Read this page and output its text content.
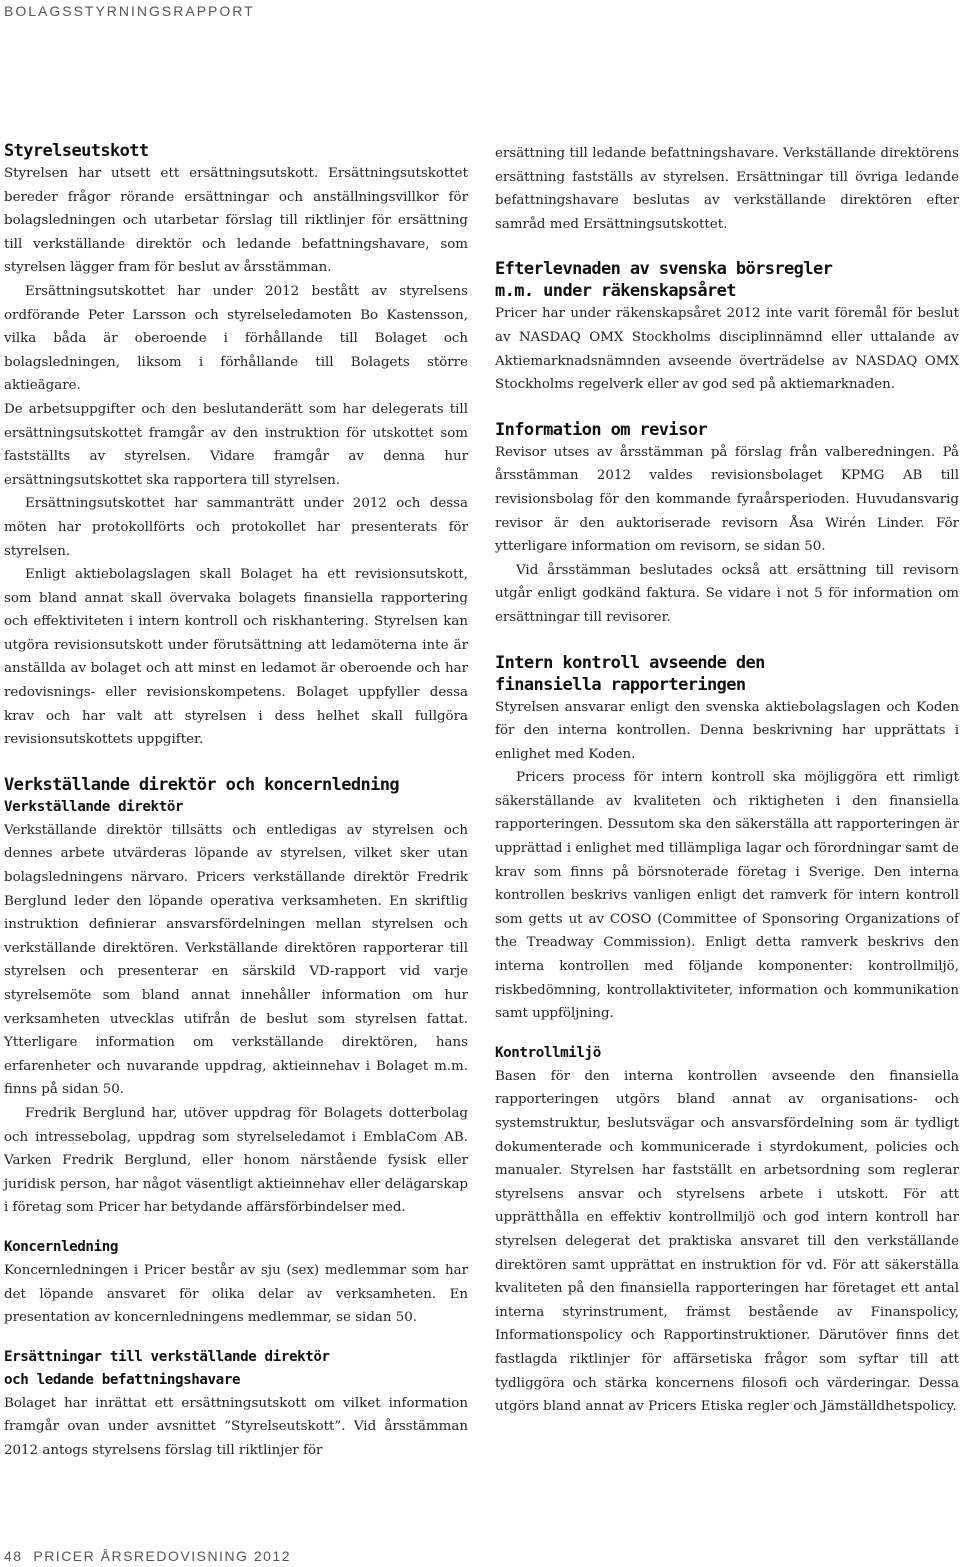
BOLAGSSTYRNINGSRAPPORT
Styrelseutskott

Styrelsen har utsett ett ersättningsutskott. Ersättningsutskottet bereder frågor rörande ersättningar och anställningsvillkor för bolagsledningen och utarbetar förslag till riktlinjer för ersättning till verkställande direktör och ledande befattningshavare, som styrelsen lägger fram för beslut av årsstämman.

Ersättningsutskottet har under 2012 bestått av styrelsens ordförande Peter Larsson och styrelseledamoten Bo Kastensson, vilka båda är oberoende i förhållande till Bolaget och bolagsledningen, liksom i förhållande till Bolagets större aktieägare.

De arbetsuppgifter och den beslutanderätt som har delegerats till ersättningsutskottet framgår av den instruktion för utskottet som fastställts av styrelsen. Vidare framgår av denna hur ersättningsutskottet ska rapportera till styrelsen.

Ersättningsutskottet har sammanträtt under 2012 och dessa möten har protokollförts och protokollet har presenterats för styrelsen.

Enligt aktiebolagslagen skall Bolaget ha ett revisionsutskott, som bland annat skall övervaka bolagets finansiella rapportering och effektiviteten i intern kontroll och riskhantering. Styrelsen kan utgöra revisionsutskott under förutsättning att ledamöterna inte är anställda av bolaget och att minst en ledamot är oberoende och har redovisnings- eller revisionskompetens. Bolaget uppfyller dessa krav och har valt att styrelsen i dess helhet skall fullgöra revisionsutskottets uppgifter.

Verkställande direktör och koncernledning
Verkställande direktör

Verkställande direktör tillsätts och entledigas av styrelsen och dennes arbete utvärderas löpande av styrelsen, vilket sker utan bolagsledningens närvaro. Pricers verkställande direktör Fredrik Berglund leder den löpande operativa verksamheten. En skriftlig instruktion definierar ansvarsfördelningen mellan styrelsen och verkställande direktören. Verkställande direktören rapporterar till styrelsen och presenterar en särskild VD-rapport vid varje styrelsemöte som bland annat innehåller information om hur verksamheten utvecklas utifrån de beslut som styrelsen fattat. Ytterligare information om verkställande direktören, hans erfarenheter och nuvarande uppdrag, aktieinnehav i Bolaget m.m. finns på sidan 50.

Fredrik Berglund har, utöver uppdrag för Bolagets dotterbolag och intressebolag, uppdrag som styrelseledamot i EmblaCom AB. Varken Fredrik Berglund, eller honom närstående fysisk eller juridisk person, har något väsentligt aktieinnehav eller delägarskap i företag som Pricer har betydande affärsförbindelser med.

Koncernledning

Koncernledningen i Pricer består av sju (sex) medlemmar som har det löpande ansvaret för olika delar av verksamheten. En presentation av koncernledningens medlemmar, se sidan 50.

Ersättningar till verkställande direktör
och ledande befattningshavare

Bolaget har inrättat ett ersättningsutskott om vilket information framgår ovan under avsnittet ”Styrelseutskott”. Vid årsstämman 2012 antogs styrelsens förslag till riktlinjer för

ersättning till ledande befattningshavare. Verkställande direktörens ersättning fastställs av styrelsen. Ersättningar till övriga ledande befattningshavare beslutas av verkställande direktören efter samråd med Ersättningsutskottet.

Efterlevnaden av svenska börsregler
m.m. under räkenskapsåret

Pricer har under räkenskapsåret 2012 inte varit föremål för beslut av NASDAQ OMX Stockholms disciplinnämnd eller uttalande av Aktiemarknadsnämnden avseende överträdelse av NASDAQ OMX Stockholms regelverk eller av god sed på aktiemarknaden.

Information om revisor

Revisor utses av årsstämman på förslag från valberedningen. På årsstämman 2012 valdes revisionsbolaget KPMG AB till revisionsbolag för den kommande fyraårsperioden. Huvudansvarig revisor är den auktoriserade revisorn Åsa Wirén Linder. För ytterligare information om revisorn, se sidan 50.

Vid årsstämman beslutades också att ersättning till revisorn utgår enligt godkänd faktura. Se vidare i not 5 för information om ersättningar till revisorer.

Intern kontroll avseende den
finansiella rapporteringen

Styrelsen ansvarar enligt den svenska aktiebolagslagen och Koden för den interna kontrollen. Denna beskrivning har upprättats i enlighet med Koden.

Pricers process för intern kontroll ska möjliggöra ett rimligt säkerställande av kvaliteten och riktigheten i den finansiella rapporteringen. Dessutom ska den säkerställa att rapporteringen är upprättad i enlighet med tillämpliga lagar och förordningar samt de krav som finns på börsnoterade företag i Sverige. Den interna kontrollen beskrivs vanligen enligt det ramverk för intern kontroll som getts ut av COSO (Committee of Sponsoring Organizations of the Treadway Commission). Enligt detta ramverk beskrivs den interna kontrollen med följande komponenter: kontrollmiljö, riskbedömning, kontrollaktiviteter, information och kommunikation samt uppföljning.

Kontrollmiljö

Basen för den interna kontrollen avseende den finansiella rapporteringen utgörs bland annat av organisations- och systemstruktur, beslutsvägar och ansvarsfördelning som är tydligt dokumenterade och kommunicerade i styrdokument, policies och manualer. Styrelsen har fastställt en arbetsordning som reglerar styrelsens ansvar och styrelsens arbete i utskott. För att upprätthålla en effektiv kontrollmiljö och god intern kontroll har styrelsen delegerat det praktiska ansvaret till den verkställande direktören samt upprättat en instruktion för vd. För att säkerställa kvaliteten på den finansiella rapporteringen har företaget ett antal interna styrinstrument, främst bestående av Finanspolicy, Informationspolicy och Rapportinstruktioner. Därutöver finns det fastlagda riktlinjer för affärsetiska frågor som syftar till att tydliggöra och stärka koncernens filosofi och värderingar. Dessa utgörs bland annat av Pricers Etiska regler och Jämställdhetspolicy.

48 PRICER ÅRSREDOVISNING 2012
